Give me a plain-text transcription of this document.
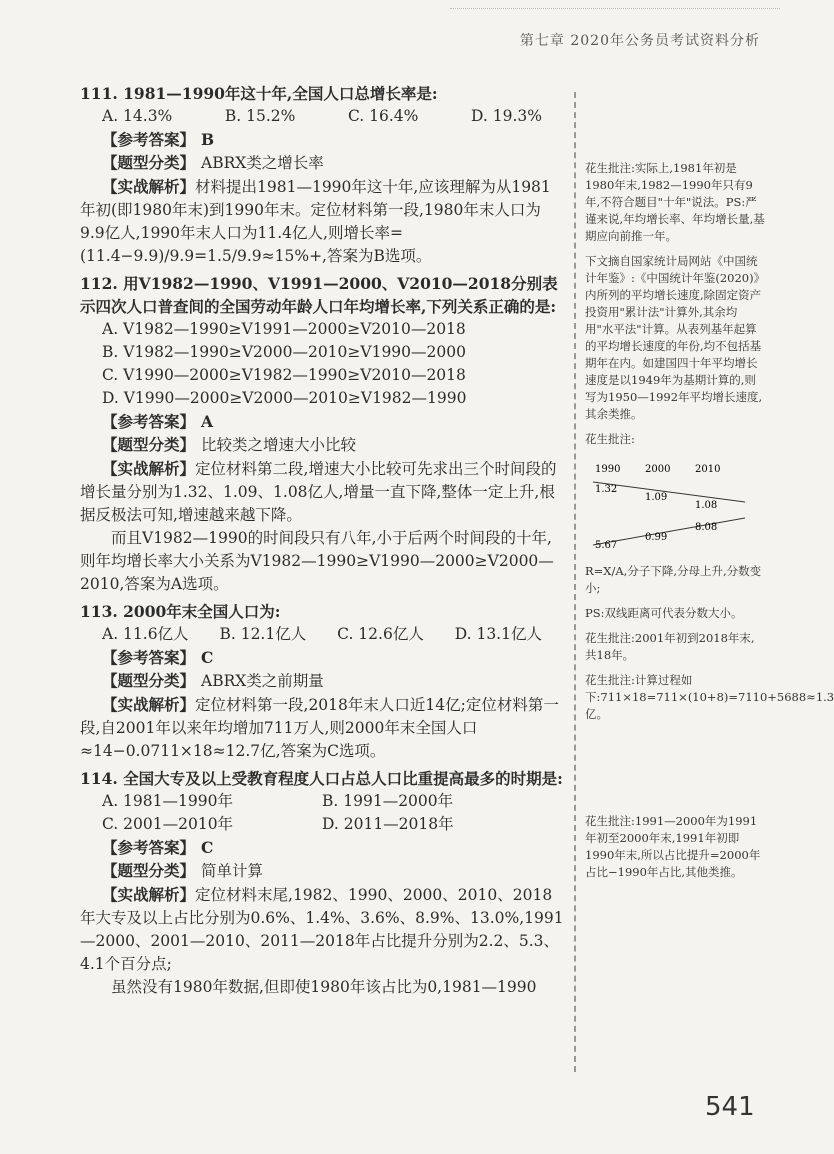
第七章 2020年公务员考试资料分析
111. 1981—1990年这十年,全国人口总增长率是:
A. 14.3%	B. 15.2%	C. 16.4%	D. 19.3%
【参考答案】 B
【题型分类】 ABRX类之增长率
【实战解析】材料提出1981—1990年这十年,应该理解为从1981年初(即1980年末)到1990年末。定位材料第一段,1980年末人口为9.9亿人,1990年末人口为11.4亿人,则增长率=(11.4−9.9)/9.9=1.5/9.9≈15%+,答案为B选项。
112. 用V1982—1990、V1991—2000、V2010—2018分别表示四次人口普查间的全国劳动年龄人口年均增长率,下列关系正确的是:
A. V1982—1990≥V1991—2000≥V2010—2018
B. V1982—1990≥V2000—2010≥V1990—2000
C. V1990—2000≥V1982—1990≥V2010—2018
D. V1990—2000≥V2000—2010≥V1982—1990
【参考答案】 A
【题型分类】 比较类之增速大小比较
【实战解析】定位材料第二段,增速大小比较可先求出三个时间段的增长量分别为1.32、1.09、1.08亿人,增量一直下降,整体一定上升,根据反极法可知,增速越来越下降。
而且V1982—1990的时间段只有八年,小于后两个时间段的十年,则年均增长率大小关系为V1982—1990≥V1990—2000≥V2000—2010,答案为A选项。
113. 2000年末全国人口为:
A. 11.6亿人 B. 12.1亿人 C. 12.6亿人 D. 13.1亿人
【参考答案】 C
【题型分类】 ABRX类之前期量
【实战解析】定位材料第一段,2018年末人口近14亿;定位材料第一段,自2001年以来年均增加711万人,则2000年末全国人口≈14−0.0711×18≈12.7亿,答案为C选项。
114. 全国大专及以上受教育程度人口占总人口比重提高最多的时期是:
A. 1981—1990年	B. 1991—2000年
C. 2001—2010年	D. 2011—2018年
【参考答案】 C
【题型分类】 简单计算
【实战解析】定位材料末尾,1982、1990、2000、2010、2018年大专及以上占比分别为0.6%、1.4%、3.6%、8.9%、13.0%,1991—2000、2001—2010、2011—2018年占比提升分别为2.2、5.3、4.1个百分点;
虽然没有1980年数据,但即使1980年该占比为0,1981—1990
花生批注:实际上,1981年初是1980年末,1982—1990年只有9年,不符合题目"十年"说法。PS:严谨来说,年均增长率、年均增长量,基期应向前推一年。
下文摘自国家统计局网站《中国统计年鉴》:《中国统计年鉴(2020)》内所列的平均增长速度,除固定资产投资用"累计法"计算外,其余均用"水平法"计算。从表列基年起算的平均增长速度的年份,均不包括基期年在内。如建国四十年平均增长速度是以1949年为基期计算的,则写为1950—1992年平均增长速度,其余类推。
花生批注:
1990 2000 2010
1.32
1.09
1.08
5.67
0.99
8.08
R=X/A,分子下降,分母上升,分数变小;
PS:双线距离可代表分数大小。
花生批注:2001年初到2018年末,共18年。
花生批注:计算过程如下:711×18=711×(10+8)=7110+5688≈1.3亿。
花生批注:1991—2000年为1991年初至2000年末,1991年初即1990年末,所以占比提升=2000年占比−1990年占比,其他类推。
541
